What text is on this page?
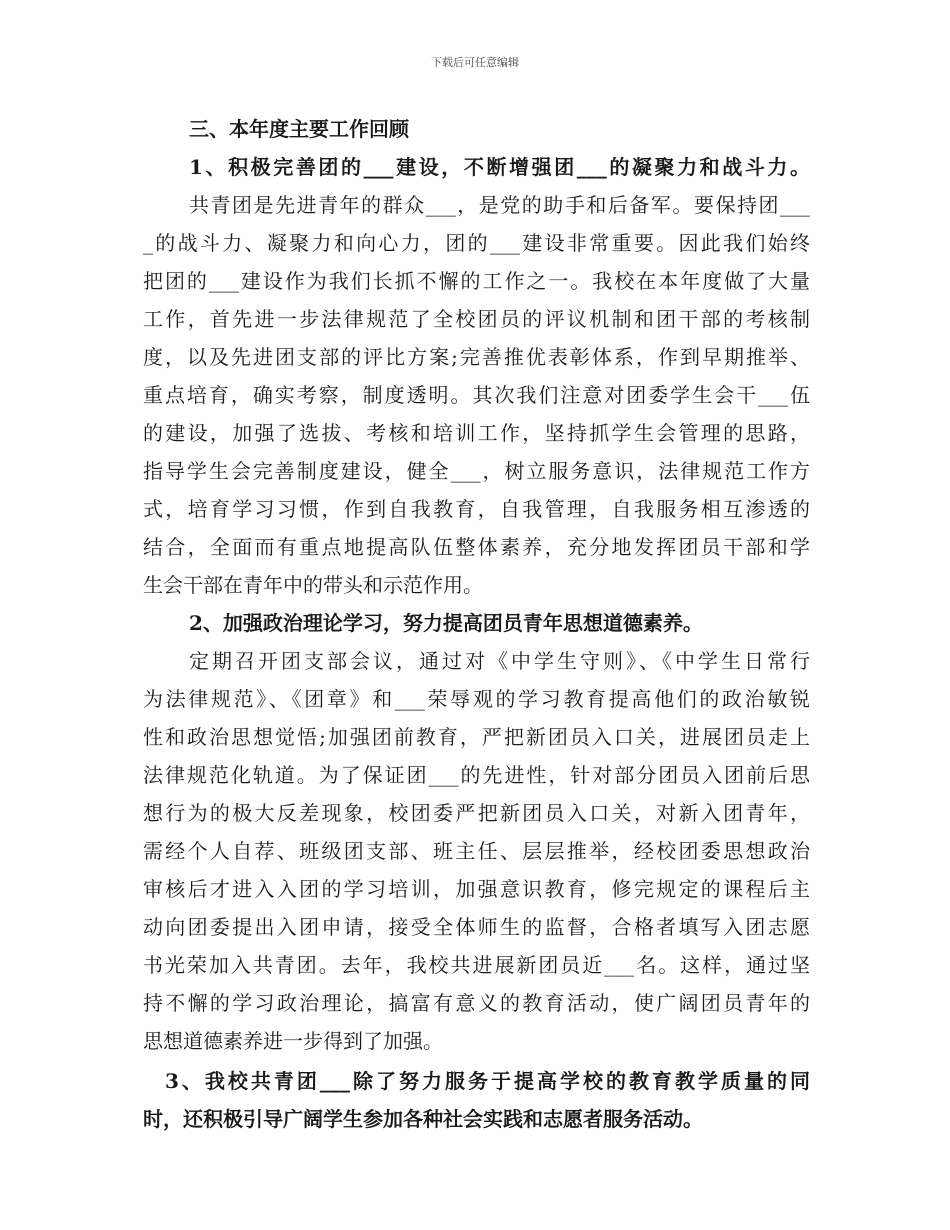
下载后可任意编辑
三、本年度主要工作回顾
1、积极完善团的___建设，不断增强团___的凝聚力和战斗力。
共青团是先进青年的群众___，是党的助手和后备军。要保持团___
_的战斗力、凝聚力和向心力，团的___建设非常重要。因此我们始终
把团的___建设作为我们长抓不懈的工作之一。我校在本年度做了大量
工作，首先进一步法律规范了全校团员的评议机制和团干部的考核制
度，以及先进团支部的评比方案;完善推优表彰体系，作到早期推举、
重点培育，确实考察，制度透明。其次我们注意对团委学生会干___伍
的建设，加强了选拔、考核和培训工作，坚持抓学生会管理的思路，
指导学生会完善制度建设，健全___，树立服务意识，法律规范工作方
式，培育学习习惯，作到自我教育，自我管理，自我服务相互渗透的
结合，全面而有重点地提高队伍整体素养，充分地发挥团员干部和学
生会干部在青年中的带头和示范作用。
2、加强政治理论学习，努力提高团员青年思想道德素养。
定期召开团支部会议，通过对《中学生守则》、《中学生日常行
为法律规范》、《团章》和___荣辱观的学习教育提高他们的政治敏锐
性和政治思想觉悟;加强团前教育，严把新团员入口关，进展团员走上
法律规范化轨道。为了保证团___的先进性，针对部分团员入团前后思
想行为的极大反差现象，校团委严把新团员入口关，对新入团青年，
需经个人自荐、班级团支部、班主任、层层推举，经校团委思想政治
审核后才进入入团的学习培训，加强意识教育，修完规定的课程后主
动向团委提出入团申请，接受全体师生的监督，合格者填写入团志愿
书光荣加入共青团。去年，我校共进展新团员近___名。这样，通过坚
持不懈的学习政治理论，搞富有意义的教育活动，使广阔团员青年的
思想道德素养进一步得到了加强。
3、我校共青团___除了努力服务于提高学校的教育教学质量的同
时，还积极引导广阔学生参加各种社会实践和志愿者服务活动。
